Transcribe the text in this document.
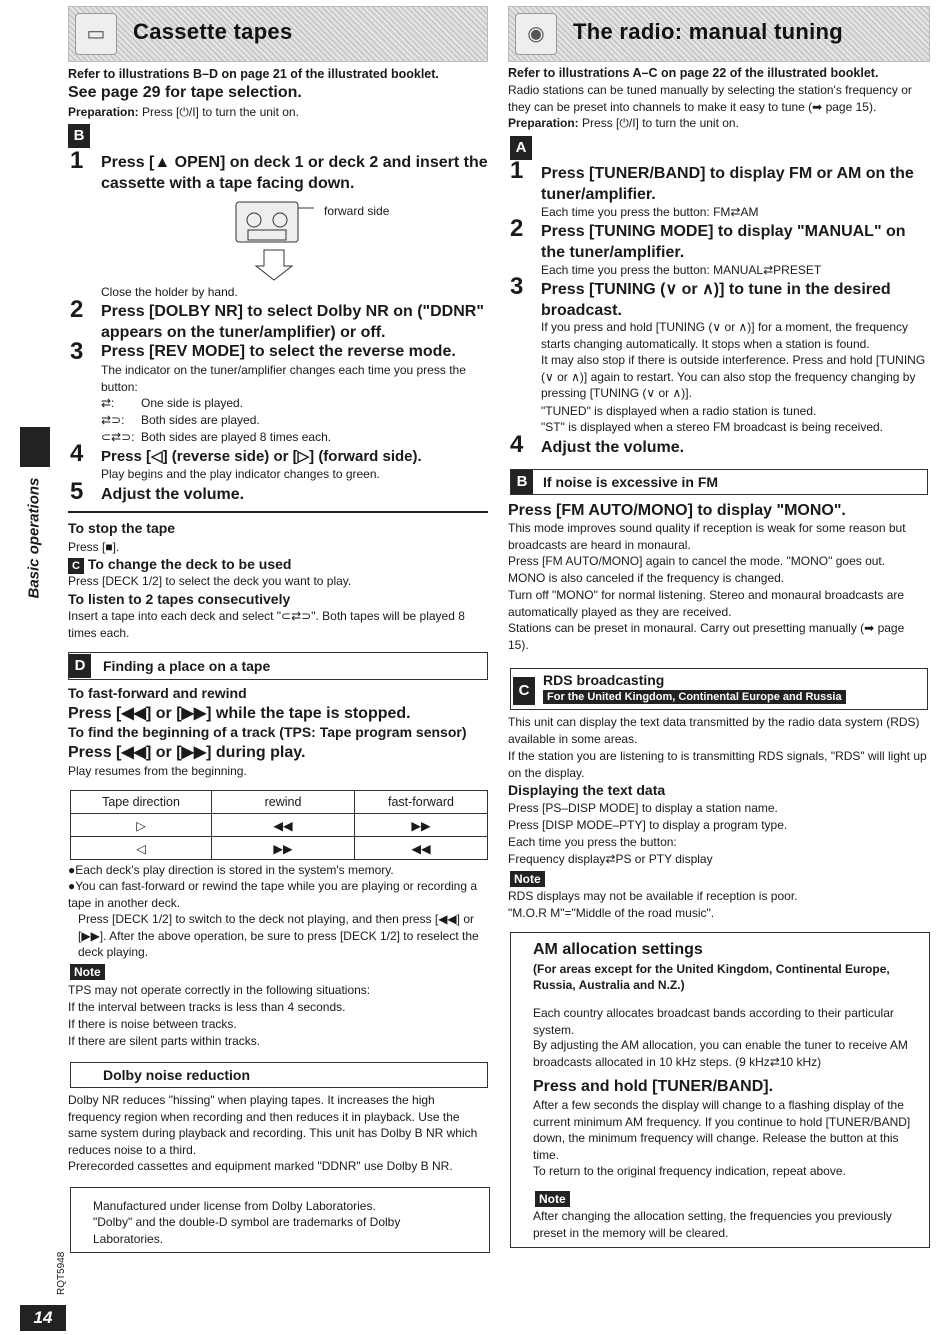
▭	Cassette tapes
Refer to illustrations B–D on page 21 of the illustrated booklet.
See page 29 for tape selection.
Preparation: Press [⏻/I] to turn the unit on.
B
1 Press [▲ OPEN] on deck 1 or deck 2 and insert the cassette with a tape facing down.
forward side
Close the holder by hand.
2 Press [DOLBY NR] to select Dolby NR on ("DDNR" appears on the tuner/amplifier) or off.
3 Press [REV MODE] to select the reverse mode.
The indicator on the tuner/amplifier changes each time you press the button:
⇄: One side is played.
⇄⊃: Both sides are played.
⊂⇄⊃: Both sides are played 8 times each.
4 Press [◁] (reverse side) or [▷] (forward side).
Play begins and the play indicator changes to green.
5 Adjust the volume.
To stop the tape
Press [■].
C To change the deck to be used
Press [DECK 1/2] to select the deck you want to play.
To listen to 2 tapes consecutively
Insert a tape into each deck and select "⊂⇄⊃". Both tapes will be played 8 times each.
D	Finding a place on a tape
To fast-forward and rewind
Press [◀◀] or [▶▶] while the tape is stopped.
To find the beginning of a track (TPS: Tape program sensor)
Press [◀◀] or [▶▶] during play.
Play resumes from the beginning.
Tape direction	rewind	fast-forward
▷	◀◀	▶▶
◁	▶▶	◀◀
●Each deck's play direction is stored in the system's memory.
●You can fast-forward or rewind the tape while you are playing or recording a tape in another deck.
Press [DECK 1/2] to switch to the deck not playing, and then press [◀◀] or [▶▶]. After the above operation, be sure to press [DECK 1/2] to reselect the deck playing.
Note
TPS may not operate correctly in the following situations:
If the interval between tracks is less than 4 seconds.
If there is noise between tracks.
If there are silent parts within tracks.
Dolby noise reduction
Dolby NR reduces "hissing" when playing tapes. It increases the high frequency region when recording and then reduces it in playback. Use the same system during playback and recording. This unit has Dolby B NR which reduces noise to a third.
Prerecorded cassettes and equipment marked "DDNR" use Dolby B NR.
Manufactured under license from Dolby Laboratories.
"Dolby" and the double-D symbol are trademarks of Dolby Laboratories.
Basic operations
RQT5948
14
◉	The radio: manual tuning
Refer to illustrations A–C on page 22 of the illustrated booklet.
Radio stations can be tuned manually by selecting the station's frequency or they can be preset into channels to make it easy to tune (➡ page 15).
Preparation: Press [⏻/I] to turn the unit on.
A
1 Press [TUNER/BAND] to display FM or AM on the tuner/amplifier.
Each time you press the button: FM⇄AM
2 Press [TUNING MODE] to display "MANUAL" on the tuner/amplifier.
Each time you press the button: MANUAL⇄PRESET
3 Press [TUNING (∨ or ∧)] to tune in the desired broadcast.
If you press and hold [TUNING (∨ or ∧)] for a moment, the frequency starts changing automatically. It stops when a station is found.
It may also stop if there is outside interference. Press and hold [TUNING (∨ or ∧)] again to restart. You can also stop the frequency changing by pressing [TUNING (∨ or ∧)].
"TUNED" is displayed when a radio station is tuned.
"ST" is displayed when a stereo FM broadcast is being received.
4 Adjust the volume.
B	If noise is excessive in FM
Press [FM AUTO/MONO] to display "MONO".
This mode improves sound quality if reception is weak for some reason but broadcasts are heard in monaural.
Press [FM AUTO/MONO] again to cancel the mode. "MONO" goes out.
MONO is also canceled if the frequency is changed.
Turn off "MONO" for normal listening. Stereo and monaural broadcasts are automatically played as they are received.
Stations can be preset in monaural. Carry out presetting manually (➡ page 15).
C
RDS broadcasting
For the United Kingdom, Continental Europe and Russia
This unit can display the text data transmitted by the radio data system (RDS) available in some areas.
If the station you are listening to is transmitting RDS signals, "RDS" will light up on the display.
Displaying the text data
Press [PS–DISP MODE] to display a station name.
Press [DISP MODE–PTY] to display a program type.
Each time you press the button:
Frequency display⇄PS or PTY display
Note
RDS displays may not be available if reception is poor.
"M.O.R M"="Middle of the road music".
AM allocation settings
(For areas except for the United Kingdom, Continental Europe, Russia, Australia and N.Z.)
Each country allocates broadcast bands according to their particular system.
By adjusting the AM allocation, you can enable the tuner to receive AM broadcasts allocated in 10 kHz steps. (9 kHz⇄10 kHz)
Press and hold [TUNER/BAND].
After a few seconds the display will change to a flashing display of the current minimum AM frequency. If you continue to hold [TUNER/BAND] down, the minimum frequency will change. Release the button at this time.
To return to the original frequency indication, repeat above.
Note
After changing the allocation setting, the frequencies you previously preset in the memory will be cleared.
